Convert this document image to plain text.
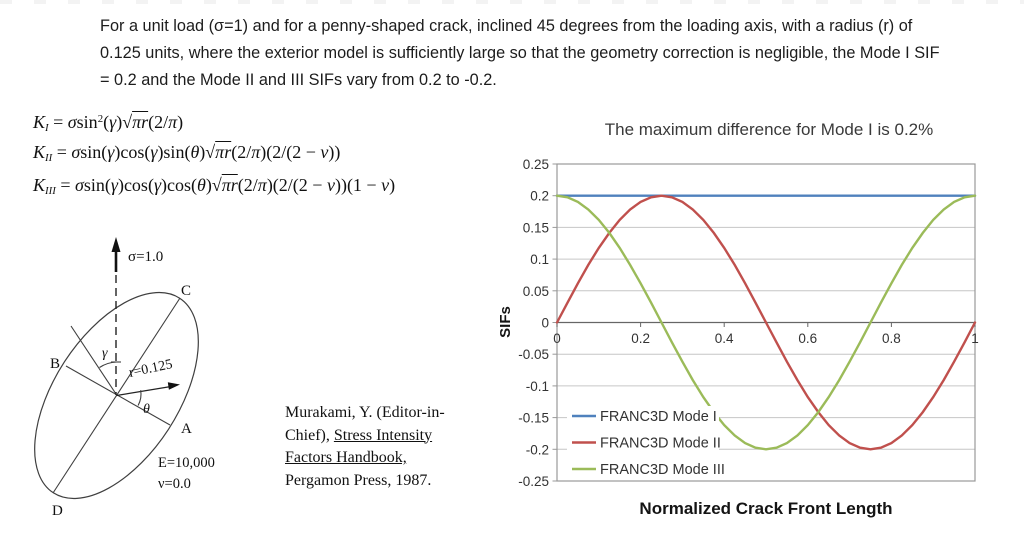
For a unit load (σ=1) and for a penny-shaped crack, inclined 45 degrees from the loading axis, with a radius (r) of 0.125 units, where the exterior model is sufficiently large so that the geometry correction is negligible, the Mode I SIF = 0.2 and the Mode II and III SIFs vary from 0.2 to -0.2.

KI = σsin$^2$(γ)√πr(2/π)
KII = σsin(γ)cos(γ)sin(θ)√πr(2/π)(2/(2 − ν))
KIII = σsin(γ)cos(γ)cos(θ)√πr(2/π)(2/(2 − ν))(1 − ν)
σ=1.0
γ
θ
r=0.125
C
B
A
D
E=10,000
ν=0.0
Murakami, Y. (Editor-in-
Chief), Stress Intensity
Factors Handbook,
Pergamon Press, 1987.
The maximum difference for Mode I is 0.2%
0.25
0.2
0.15
0.1
0.05
0
-0.05
-0.1
-0.15
-0.2
-0.25
0	0.2	0.4	0.6	0.8	1
FRANC3D Mode I
FRANC3D Mode II
FRANC3D Mode III
SIFs
Normalized Crack Front Length
